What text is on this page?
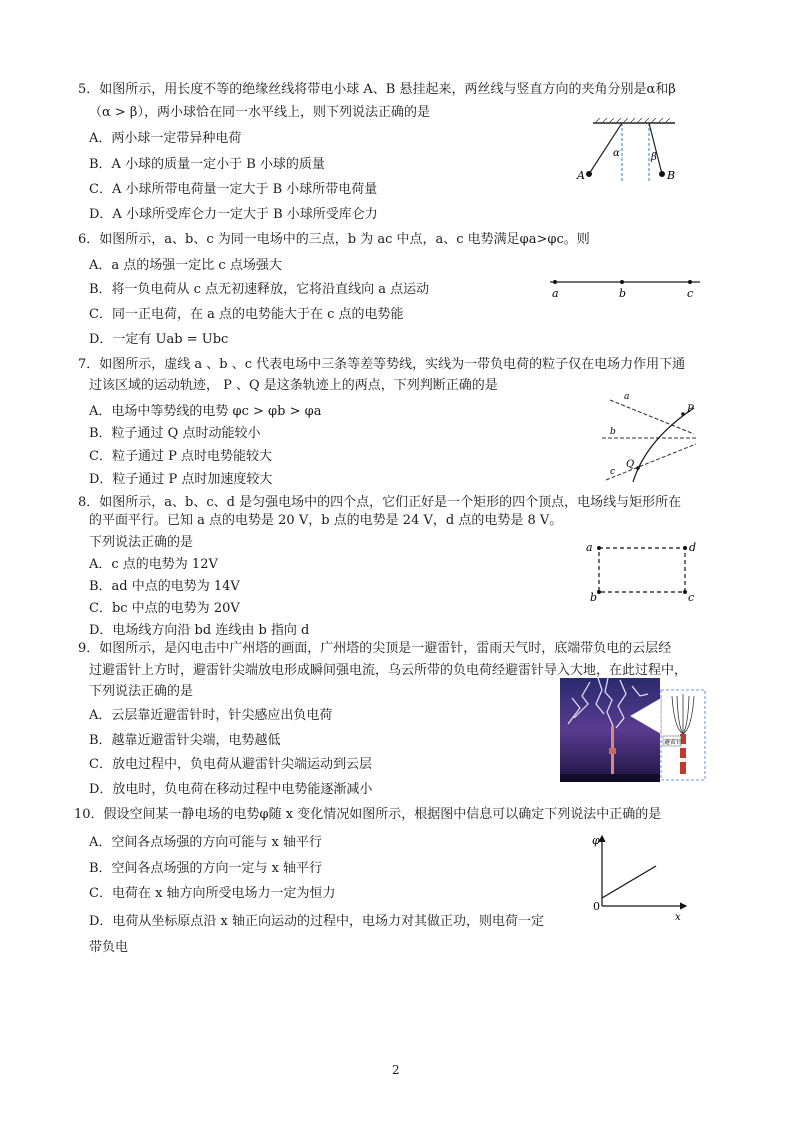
5．如图所示，用长度不等的绝缘丝线将带电小球 A、B 悬挂起来，两丝线与竖直方向的夹角分别是α和β
（α > β），两小球恰在同一水平线上，则下列说法正确的是
A．两小球一定带异种电荷
B．A 小球的质量一定小于 B 小球的质量
C．A 小球所带电荷量一定大于 B 小球所带电荷量
D．A 小球所受库仑力一定大于 B 小球所受库仑力
α	β
A	B
6．如图所示，a、b、c 为同一电场中的三点，b 为 ac 中点，a、c 电势满足φa>φc。则
A．a 点的场强一定比 c 点场强大
B．将一负电荷从 c 点无初速释放，它将沿直线向 a 点运动
C．同一正电荷，在 a 点的电势能大于在 c 点的电势能
D．一定有 Uab = Ubc
a	b	c
7．如图所示，虚线 a 、b 、c 代表电场中三条等差等势线，实线为一带负电荷的粒子仅在电场力作用下通
过该区域的运动轨迹， P 、Q 是这条轨迹上的两点，下列判断正确的是
A．电场中等势线的电势 φc > φb > φa
B．粒子通过 Q 点时动能较小
C．粒子通过 P 点时电势能较大
D．粒子通过 P 点时加速度较大
a
b
c
P
Q
8．如图所示，a、b、c、d 是匀强电场中的四个点，它们正好是一个矩形的四个顶点，电场线与矩形所在
的平面平行。已知 a 点的电势是 20 V，b 点的电势是 24 V，d 点的电势是 8 V。
下列说法正确的是
A．c 点的电势为 12V
B．ad 中点的电势为 14V
C．bc 中点的电势为 20V
D．电场线方向沿 bd 连线由 b 指向 d
a	d
b	c
9．如图所示，是闪电击中广州塔的画面，广州塔的尖顶是一避雷针，雷雨天气时，底端带负电的云层经
过避雷针上方时，避雷针尖端放电形成瞬间强电流，乌云所带的负电荷经避雷针导入大地，在此过程中，
下列说法正确的是
A．云层靠近避雷针时，针尖感应出负电荷
B．越靠近避雷针尖端，电势越低
C．放电过程中，负电荷从避雷针尖端运动到云层
D．放电时，负电荷在移动过程中电势能逐渐减小
避雷针
10．假设空间某一静电场的电势φ随 x 变化情况如图所示，根据图中信息可以确定下列说法中正确的是
A．空间各点场强的方向可能与 x 轴平行
B．空间各点场强的方向一定与 x 轴平行
C．电荷在 x 轴方向所受电场力一定为恒力
D．电荷从坐标原点沿 x 轴正向运动的过程中，电场力对其做正功，则电荷一定
带负电
φ
x
0
2
